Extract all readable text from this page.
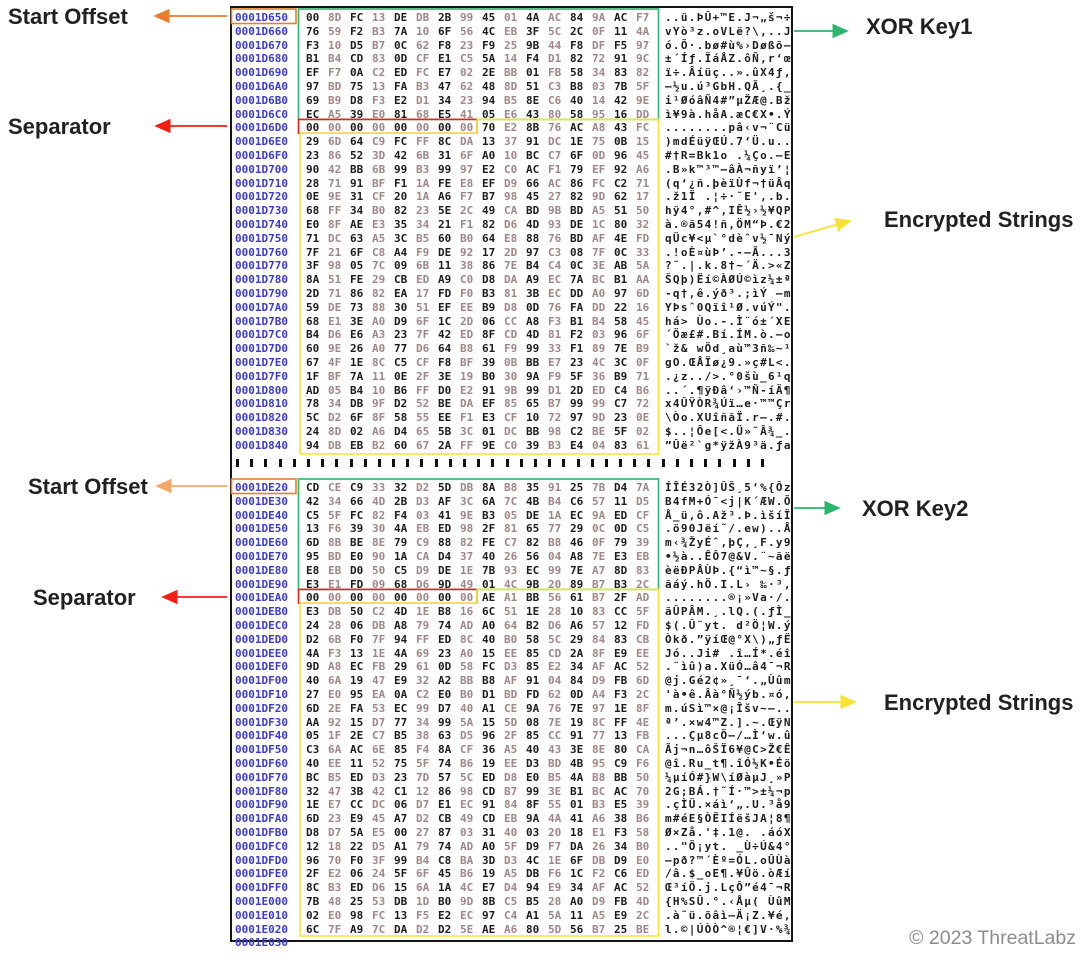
0001D650 00 8D FC 13 DE DB 2B 99 45 01 4A AC 84 9A AC F7	..ü.ÞÛ+™E.J¬„š¬÷
0001D660 76 59 F2 B3 7A 10 6F 56 4C EB 3F 5C 2C 0F 11 4A	vYò³z.oVLë?\,..J
0001D670 F3 10 D5 B7 0C 62 F8 23 F9 25 9B 44 F8 DF F5 97	ó.Õ·.bø#ù%›Døßõ—
0001D680 B1 B4 CD 83 0D CF E1 C5 5A 14 F4 D1 82 72 91 9C	±´Íƒ.ÏáÅZ.ôÑ‚r‘œ
0001D690 EF F7 0A C2 ED FC E7 02 2E BB 01 FB 58 34 83 82	ï÷.Âíüç..».ûX4ƒ‚
0001D6A0 97 BD 75 13 FA B3 47 62 48 8D 51 C3 B8 03 7B 5F	—½u.ú³GbH.QÃ¸.{_
0001D6B0 69 B9 D8 F3 E2 D1 34 23 94 B5 8E C6 40 14 42 9E	i¹ØóâÑ4#”µŽÆ@.Bž
0001D6C0 EC A5 39 E0 81 68 E5 41 05 E6 43 80 58 95 16 DD	ì¥9à.håA.æC€X•.Ý
0001D6D0 00 00 00 00 00 00 00 00 70 E2 8B 76 AC A8 43 FC	........pâ‹v¬¨Cü
0001D6E0 29 6D 64 C9 FC FF 8C DA 13 37 91 DC 1E 75 0B 15	)mdÉüÿŒÚ.7‘Ü.u..
0001D6F0 23 86 52 3D 42 6B 31 6F A0 10 BC C7 6F 0D 96 45	#†R=Bk1o .¼Ço.–E
0001D700 90 42 BB 6B 99 B3 99 97 E2 C0 AC F1 79 EF 92 A6	.B»k™³™—âÀ¬ñyï’¦
0001D710 28 71 91 BF F1 1A FE E8 EF D9 66 AC 86 FC C2 71	(q‘¿ñ.þèïÙf¬†üÂq
0001D720 0E 9E 31 CF 20 1A A6 F7 B7 98 45 27 82 9D 62 17	.ž1Ï .¦÷·˜E'‚.b.
0001D730 68 FF 34 B0 82 23 5E 2C 49 CA BD 9B BD A5 51 50	hÿ4°‚#^,IÊ½›½¥QP
0001D740 E0 8F AE E3 35 34 21 F1 82 D6 4D 93 DE 1C 80 32	à.®ã54!ñ‚ÖM“Þ.€2
0001D750 71 DC 63 A5 3C B5 60 B0 64 E8 88 76 BD AF 4E FD	qÜc¥<µ`°dèˆv½¯Ný
0001D760 7F 21 6F C8 A4 F9 DE 92 17 2D 97 C3 08 7F 0C 33	.!oÈ¤ùÞ’.-—Ã...3
0001D770 3F 98 05 7C 09 6B 11 38 86 7E B4 C4 0C 3E AB 5A	?˜.|.k.8†~´Ä.>«Z
0001D780 8A 51 FE 29 CB ED A9 C0 D8 DA A9 EC 7A BC B1 AA	ŠQþ)Ëí©ÀØÚ©ìz¼±ª
0001D790 2D 71 86 82 EA 17 FD F0 B3 81 3B EC DD A0 97 6D	-q†‚ê.ýð³.;ìÝ —m
0001D7A0 59 DE 73 88 30 51 EF EE B9 D8 0D 76 FA DD 22 16	YÞsˆ0Qïî¹Ø.vúÝ".
0001D7B0 68 E1 3E A0 D9 6F 1C 2D 06 CC A8 F3 B1 B4 58 45	há> Ùo.-.Ì¨ó±´XE
0001D7C0 B4 D6 E6 A3 23 7F 42 ED 8F CD 4D 81 F2 03 96 6F	´Öæ£#.Bí.ÍM.ò.–o
0001D7D0 60 9E 26 A0 77 D6 64 B8 61 F9 99 33 F1 89 7E B9	`ž& wÖd¸aù™3ñ‰~¹
0001D7E0 67 4F 1E 8C C5 CF F8 BF 39 0B BB E7 23 4C 3C 0F	gO.ŒÅÏø¿9.»ç#L<.
0001D7F0 1F BF 7A 11 0E 2F 3E 19 B0 30 9A F9 5F 36 B9 71	.¿z../>.°0šù_6¹q
0001D800 AD 05 B4 10 B6 FF D0 E2 91 9B 99 D1 2D ED C4 B6	..´.¶ÿÐâ‘›™Ñ-íÄ¶
0001D810 78 34 DB 9F D2 52 BE DA EF 85 65 B7 99 99 C7 72	x4ÛŸÒR¾Úï…e·™™Çr
0001D820 5C D2 6F 8F 58 55 EE F1 E3 CF 10 72 97 9D 23 0E	\Òo.XUîñãÏ.r—.#.
0001D830 24 8D 02 A6 D4 65 5B 3C 01 DC BB 98 C2 BE 5F 02	$..¦Ôe[<.Ü»˜Â¾_.
0001D840 94 DB EB B2 60 67 2A FF 9E C0 39 B3 E4 04 83 61	”Ûë²`g*ÿžÀ9³ä.ƒa
0001DE20 CD CE C9 33 32 D2 5D DB 8A B8 35 91 25 7B D4 7A	ÍÎÉ32Ò]ÛŠ¸5‘%{Ôz
0001DE30 42 34 66 4D 2B D3 AF 3C 6A 7C 4B B4 C6 57 11 D5	B4fM+Ó¯<j|K´ÆW.Õ
0001DE40 C5 5F FC 82 F4 03 41 9E B3 05 DE 1A EC 9A ED CF	Å_ü‚ô.Až³.Þ.ìšíÏ
0001DE50 13 F6 39 30 4A EB ED 98 2F 81 65 77 29 0C 0D C5	.ö90Jëí˜/.ew)..Å
0001DE60 6D 8B BE 8E 79 C9 88 82 FE C7 82 B8 46 0F 79 39	m‹¾ŽyÉˆ‚þÇ‚¸F.y9
0001DE70 95 BD E0 90 1A CA D4 37 40 26 56 04 A8 7E E3 EB	•½à..ÊÔ7@&V.¨~ãë
0001DE80 E8 EB D0 50 C5 D9 DE 1E 7B 93 EC 99 7E A7 8D 83	èëÐPÅÙÞ.{“ì™~§.ƒ
0001DE90 E3 E1 FD 09 68 D6 9D 49 01 4C 9B 20 89 B7 B3 2C	ãáý.hÖ.I.L› ‰·³,
0001DEA0 00 00 00 00 00 00 00 00 AE A1 BB 56 61 B7 2F AD	........®¡»Va·/.
0001DEB0 E3 DB 50 C2 4D 1E B8 16 6C 51 1E 28 10 83 CC 5F	ãÛPÂM.¸.lQ.(.ƒÌ_
0001DEC0 24 28 06 DB A8 79 74 AD A0 64 B2 D6 A6 57 12 FD	$(.Û¨yt. d²Ö¦W.ý
0001DED0 D2 6B F0 7F 94 FF ED 8C 40 B0 58 5C 29 84 83 CB	Òkð.”ÿíŒ@°X\)„ƒË
0001DEE0 4A F3 13 1E 4A 69 23 A0 15 EE 85 CD 2A 8F E9 EE	Jó..Ji# .î…Í*.éî
0001DEF0 9D A8 EC FB 29 61 0D 58 FC D3 85 E2 34 AF AC 52	.¨ìû)a.XüÓ…â4¯¬R
0001DF00 40 6A 19 47 E9 32 A2 BB B8 AF 91 04 84 D9 FB 6D	@j.Gé2¢»¸¯‘.„Ùûm
0001DF10 27 E0 95 EA 0A C2 E0 B0 D1 BD FD 62 0D A4 F3 2C	'à•ê.Âà°Ñ½ýb.¤ó,
0001DF20 6D 2E FA 53 EC 99 D7 40 A1 CE 9A 76 7E 97 1E 8F	m.úSì™×@¡Îšv~—..
0001DF30 AA 92 15 D7 77 34 99 5A 15 5D 08 7E 19 8C FF 4E	ª’.×w4™Z.].~.ŒÿN
0001DF40 05 1F 2E C7 B5 38 63 D5 96 2F 85 CC 91 77 13 FB	...Çµ8cÕ–/…Ì‘w.û
0001DF50 C3 6A AC 6E 85 F4 8A CF 36 A5 40 43 3E 8E 80 CA	Ãj¬n…ôŠÏ6¥@C>Ž€Ê
0001DF60 40 EE 11 52 75 5F 74 B6 19 EE D3 BD 4B 95 C9 F6	@î.Ru_t¶.îÓ½K•Éö
0001DF70 BC B5 ED D3 23 7D 57 5C ED D8 E0 B5 4A B8 BB 50	¼µíÓ#}W\íØàµJ¸»P
0001DF80 32 47 3B 42 C1 12 86 98 CD B7 99 3E B1 BC AC 70	2G;BÁ.†˜Í·™>±¼¬p
0001DF90 1E E7 CC DC 06 D7 E1 EC 91 84 8F 55 01 B3 E5 39	.çÌÜ.×áì‘„.U.³å9
0001DFA0 6D 23 E9 45 A7 D2 CB 49 CD EB 9A 4A 41 A6 38 B6	m#éE§ÒËIÍëšJA¦8¶
0001DFB0 D8 D7 5A E5 00 27 87 03 31 40 03 20 18 E1 F3 58	Ø×Zå.'‡.1@. .áóX
0001DFC0 12 18 22 D5 A1 79 74 AD A0 5F D9 F7 DA 26 34 B0	.."Õ¡yt. _Ù÷Ú&4°
0001DFD0 96 70 F0 3F 99 B4 C8 BA 3D D3 4C 1E 6F DB D9 E0	–pð?™´Èº=ÓL.oÛÙà
0001DFE0 2F E2 06 24 5F 6F 45 B6 19 A5 DB F6 1C F2 C6 ED	/â.$_oE¶.¥Ûö.òÆí
0001DFF0 8C B3 ED D6 15 6A 1A 4C E7 D4 94 E9 34 AF AC 52	Œ³íÖ.j.LçÔ”é4¯¬R
0001E000 7B 48 25 53 DB 1D B0 9D 8B C5 B5 28 A0 D9 FB 4D	{H%SÛ.°.‹Åµ( ÙûM
0001E010 02 E0 98 FC 13 F5 E2 EC 97 C4 A1 5A 11 A5 E9 2C	.à˜ü.õâì—Ä¡Z.¥é,
0001E020 6C 7F A9 7C DA D2 D2 5E AE A6 80 5D 56 B7 25 BE	l.©|ÚÒÒ^®¦€]V·%¾
0001E030
Start Offset	XOR Key1
Separator
Encrypted Strings
Start Offset
XOR Key2
Separator
Encrypted Strings
© 2023 ThreatLabz
